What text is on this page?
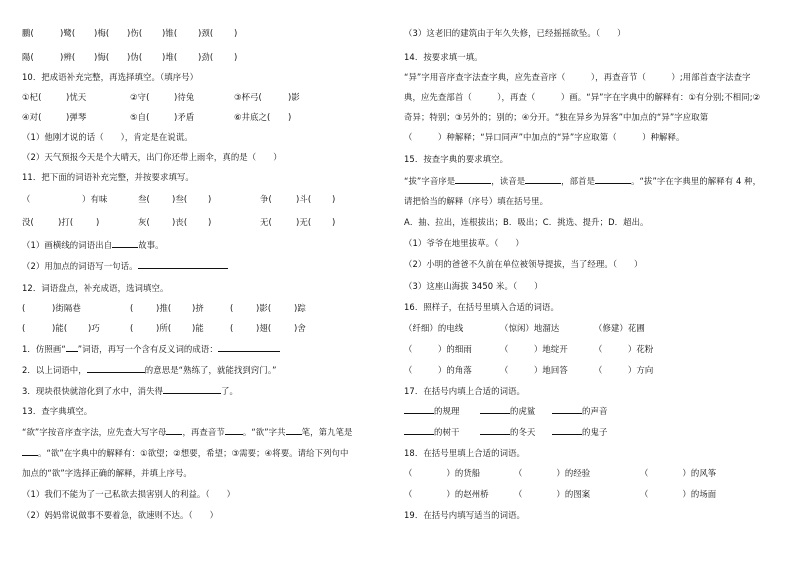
鵬(	)鹭( )梅( )伤( )锥( )颈( )
陽(	)辨( )悔( )伪( )堆( )劲( )
10．把成语补充完整，再选择填空。（填序号）
①杞(	)忧天	②守(	)待兔	③杯弓(	)影
④对(	)弹琴	⑤自(	)矛盾	⑥井底之( )
（1）他刚才说的话（　　），肯定是在说谎。
（2）天气预报今天是个大晴天，出门你还带上雨伞，真的是（　　）
11．把下面的词语补充完整，并按要求填写。
（	）有味	叁(	)叁( )	争(	)斗( )
没(	)打(	)	灰(	)丧( )	无(	)无( )
（1）画横线的词语出自	故事。
（2）用加点的词语写一句话。
12．词语盘点，补充成语，选词填空。
(	)街隔巷	(	)推( )挤	(	)影(	)踪
(	)能( )巧	(	)所( )能	(	)翅(	)舍
1．仿照画“ ”词语，再写一个含有反义词的成语：
2．以上词语中，	的意思是“熟练了，就能找到窍门。”
3．现块很快就溶化到了水中，消失得	了。
13．查字典填空。
“欲”字按音序查字法，应先查大写字母 ，再查音节 。“欲”字共 笔，第九笔是
。“欲”在字典中的解释有：①欲望；②想要，希望；③需要；④将要。请给下列句中
加点的“欲”字选择正确的解释，并填上序号。
（1）我们不能为了一己私欲去损害别人的利益。（　　）
（2）妈妈常说做事不要着急，欲速则不达。（　　）
（3）这老旧的建筑由于年久失修，已经摇摇欲坠。（　　）
14．按要求填一填。
“异”字用音序查字法查字典，应先查音序（　　　），再查音节（　　　）;用部首查字法查字
典，应先查部首（　　　），再查（　　　）画。“异”字在字典中的解释有：①有分别;不相同;②
奇异；特别；③另外的；别的；④分开。“独在异乡为异客”中加点的“异”字应取第
（　　　）种解释；“异口同声”中加点的“异”字应取第（　　　）种解释。
15．按查字典的要求填空。
“拔”字音序是	，读音是	，部首是	。“拔”字在字典里的解释有 4 种，
请把恰当的解释（序号）填在括号里。
A．抽、拉出，连根拔出；B．吸出；C．挑选、提升；D．超出。
（1）爷爷在地里拔草。（　　）
（2）小明的爸爸不久前在单位被领导提拔，当了经理。（　　）
（3）这座山海拔 3450 米。（　　）
16．照样子，在括号里填入合适的词语。
（纤细）的电线	（惊闲）地溜达	（修建）花圃
（　　　）的细雨	（　　　）地绽开	（　　　）花粉
（　　　）的角落	（　　　）地回答	（　　　）方向
17．在括号内填上合适的词语。
的规理	的虎鲨	的声音
的树干	的冬天	的鬼子
18．在括号里填上合适的词语。
（　　　　）的货船	（　　　　）的经验	（　　　　）的风筝
（　　　　）的赵州桥	（　　　　）的图案	（　　　　）的场面
19．在括号内填写适当的词语。
